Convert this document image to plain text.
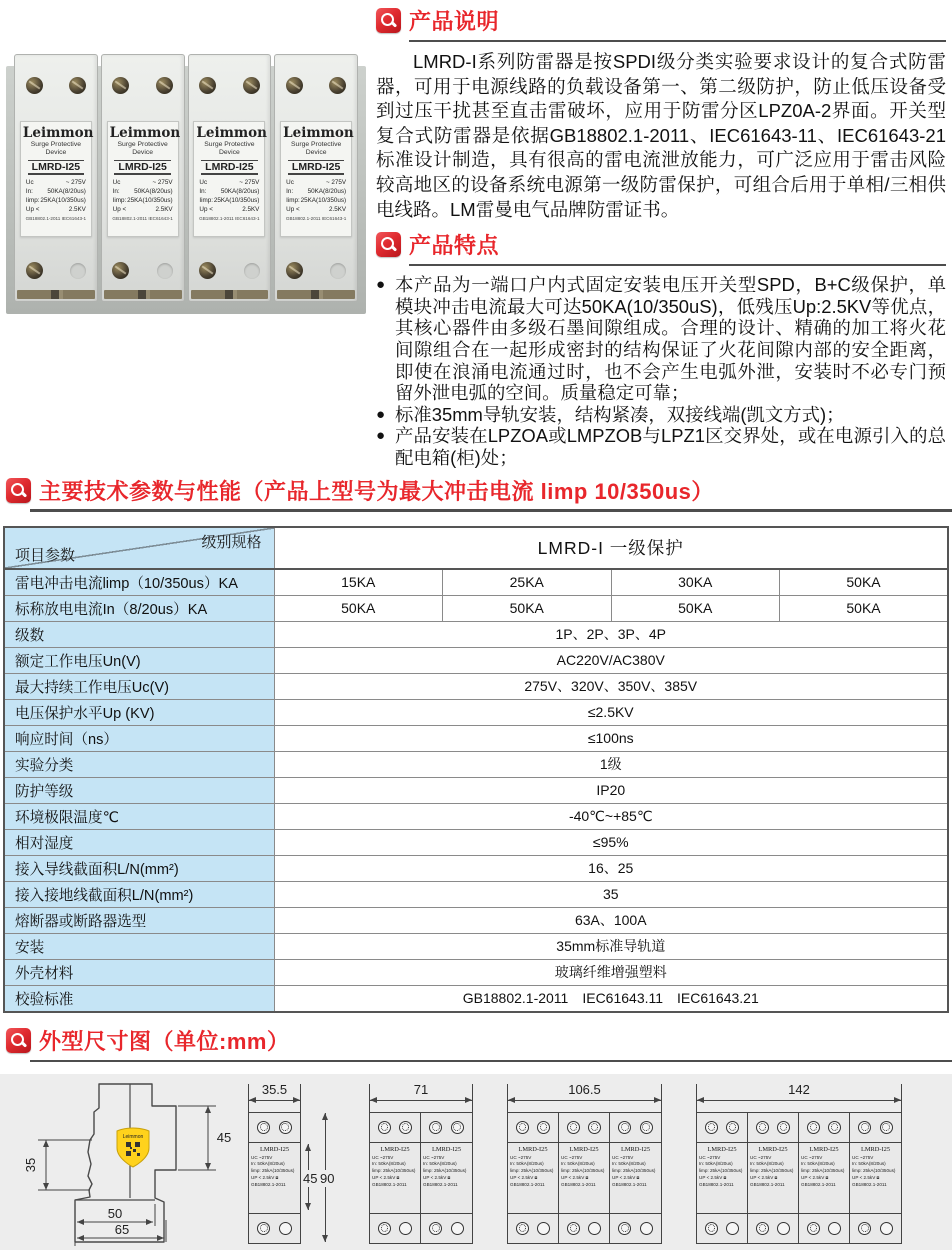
Leimmon
Surge Protective Device
LMRD-I25
Uc	~ 275V
In: 50KA(8/20us)
Iimp: 25KA(10/350us)
Up <	2.5KV
GB18802.1-2011 IEC61643-1
Leimmon
Surge Protective Device
LMRD-I25
Uc	~ 275V
In: 50KA(8/20us)
Iimp: 25KA(10/350us)
Up <	2.5KV
GB18802.1-2011 IEC61643-1
Leimmon
Surge Protective Device
LMRD-I25
Uc	~ 275V
In: 50KA(8/20us)
Iimp: 25KA(10/350us)
Up <	2.5KV
GB18802.1-2011 IEC61643-1
Leimmon
Surge Protective Device
LMRD-I25
Uc	~ 275V
In: 50KA(8/20us)
Iimp: 25KA(10/350us)
Up <	2.5KV
GB18802.1-2011 IEC61643-1
产品说明
LMRD-I系列防雷器是按SPDI级分类实验要求设计的复合式防雷器，可用于电源线路的负载设备第一、第二级防护，防止低压设备受到过压干扰甚至直击雷破坏，应用于防雷分区LPZ0A-2界面。开关型复合式防雷器是依据GB18802.1-2011、IEC61643-11、IEC61643-21标准设计制造，具有很高的雷电流泄放能力，可广泛应用于雷击风险较高地区的设备系统电源第一级防雷保护，可组合后用于单相/三相供电线路。LM雷曼电气品牌防雷证书。
产品特点
● 本产品为一端口户内式固定安装电压开关型SPD，B+C级保护，单模块冲击电流最大可达50KA(10/350uS)，低残压Up:2.5KV等优点，其核心器件由多级石墨间隙组成。合理的设计、精确的加工将火花间隙组合在一起形成密封的结构保证了火花间隙内部的安全距离，即使在浪涌电流通过时，也不会产生电弧外泄，安装时不必专门预留外泄电弧的空间。质量稳定可靠；
● 标准35mm导轨安装，结构紧凑，双接线端(凯文方式)；
● 产品安装在LPZOA或LMPZOB与LPZ1区交界处，或在电源引入的总配电箱(柜)处；
主要技术参数与性能（产品上型号为最大冲击电流 limp 10/350us）
级别规格
项目参数	LMRD-I 一级保护			
雷电冲击电流limp（10/350us）KA	15KA	25KA	30KA	50KA
标称放电电流In（8/20us）KA	50KA	50KA	50KA	50KA
级数	1P、2P、3P、4P			
额定工作电压Un(V)	AC220V/AC380V			
最大持续工作电压Uc(V)	275V、320V、350V、385V			
电压保护水平Up (KV)	≤2.5KV			
响应时间（ns）	≤100ns			
实验分类	1级			
防护等级	IP20			
环境极限温度℃	-40℃~+85℃			
相对湿度	≤95%			
接入导线截面积L/N(mm²)	16、25			
接入接地线截面积L/N(mm²)	35			
熔断器或断路器选型	63A、100A			
安装	35mm标准导轨道			
外壳材料	玻璃纤维增强塑料			
校验标准	GB18802.1-2011　IEC61643.11　IEC61643.21			
外型尺寸图（单位:mm）
Leimmon
35
45
50
65
35.5
LMRD-I25
UC ~275V
In: 50kA(8/20us)
limp: 25kA(10/350us)
UP < 2.5kV ⧈
GB18802.1-2011	45 90
71
LMRD-I25
UC ~275V
In: 50kA(8/20us)
limp: 25kA(10/350us)
UP < 2.5kV ⧈
GB18802.1-2011
LMRD-I25
UC ~275V
In: 50kA(8/20us)
limp: 25kA(10/350us)
UP < 2.5kV ⧈
GB18802.1-2011
106.5
LMRD-I25
UC ~275V
In: 50kA(8/20us)
limp: 25kA(10/350us)
UP < 2.5kV ⧈
GB18802.1-2011
LMRD-I25
UC ~275V
In: 50kA(8/20us)
limp: 25kA(10/350us)
UP < 2.5kV ⧈
GB18802.1-2011
LMRD-I25
UC ~275V
In: 50kA(8/20us)
limp: 25kA(10/350us)
UP < 2.5kV ⧈
GB18802.1-2011
142
LMRD-I25
UC ~275V
In: 50kA(8/20us)
limp: 25kA(10/350us)
UP < 2.5kV ⧈
GB18802.1-2011
LMRD-I25
UC ~275V
In: 50kA(8/20us)
limp: 25kA(10/350us)
UP < 2.5kV ⧈
GB18802.1-2011
LMRD-I25
UC ~275V
In: 50kA(8/20us)
limp: 25kA(10/350us)
UP < 2.5kV ⧈
GB18802.1-2011
LMRD-I25
UC ~275V
In: 50kA(8/20us)
limp: 25kA(10/350us)
UP < 2.5kV ⧈
GB18802.1-2011
